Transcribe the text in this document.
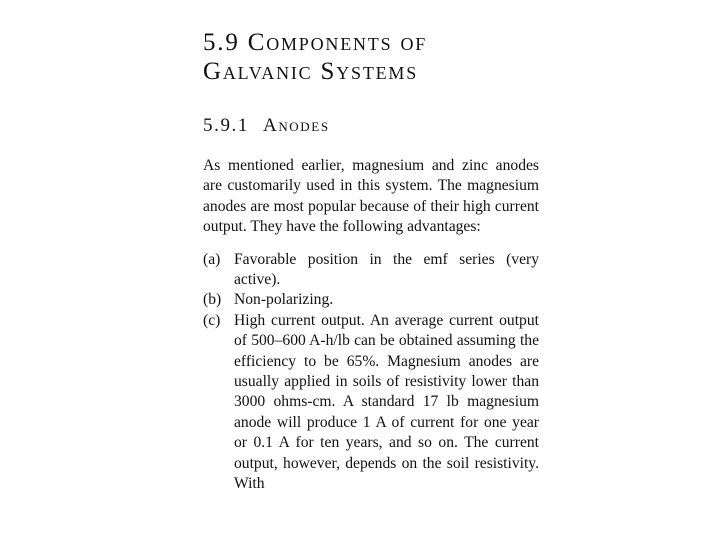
5.9 Components of
Galvanic Systems
5.9.1 Anodes

As mentioned earlier, magnesium and zinc anodes are customarily used in this system. The magnesium anodes are most popular because of their high current output. They have the following advantages:

(a) Favorable position in the emf series (very active).
(b) Non-polarizing.
(c) High current output. An average current output of 500–600 A-h/lb can be obtained assuming the efficiency to be 65%. Magnesium anodes are usually applied in soils of resistivity lower than 3000 ohms-cm. A standard 17 lb magnesium anode will produce 1 A of current for one year or 0.1 A for ten years, and so on. The current output, however, depends on the soil resistivity. With
